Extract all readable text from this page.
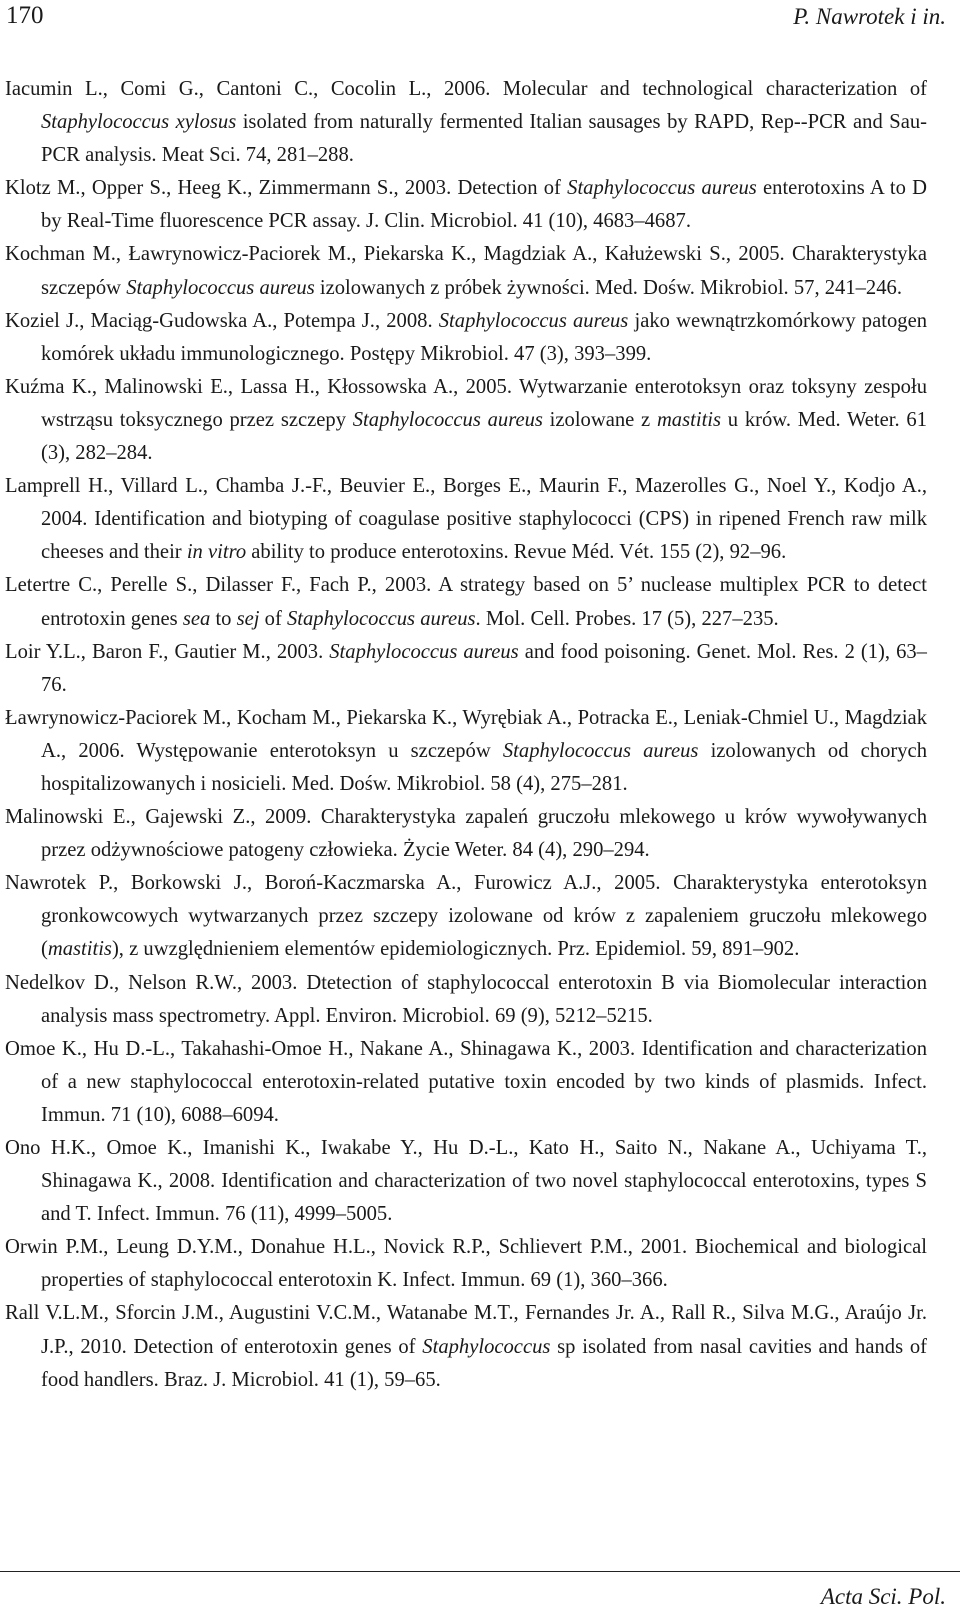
170	P. Nawrotek i in.
Iacumin L., Comi G., Cantoni C., Cocolin L., 2006. Molecular and technological characterization of Staphylococcus xylosus isolated from naturally fermented Italian sausages by RAPD, Rep--PCR and Sau-PCR analysis. Meat Sci. 74, 281–288.
Klotz M., Opper S., Heeg K., Zimmermann S., 2003. Detection of Staphylococcus aureus enterotoxins A to D by Real-Time fluorescence PCR assay. J. Clin. Microbiol. 41 (10), 4683–4687.
Kochman M., Ławrynowicz-Paciorek M., Piekarska K., Magdziak A., Kałużewski S., 2005. Charakterystyka szczepów Staphylococcus aureus izolowanych z próbek żywności. Med. Dośw. Mikrobiol. 57, 241–246.
Koziel J., Maciąg-Gudowska A., Potempa J., 2008. Staphylococcus aureus jako wewnątrzkomórkowy patogen komórek układu immunologicznego. Postępy Mikrobiol. 47 (3), 393–399.
Kuźma K., Malinowski E., Lassa H., Kłossowska A., 2005. Wytwarzanie enterotoksyn oraz toksyny zespołu wstrząsu toksycznego przez szczepy Staphylococcus aureus izolowane z mastitis u krów. Med. Weter. 61 (3), 282–284.
Lamprell H., Villard L., Chamba J.-F., Beuvier E., Borges E., Maurin F., Mazerolles G., Noel Y., Kodjo A., 2004. Identification and biotyping of coagulase positive staphylococci (CPS) in ripened French raw milk cheeses and their in vitro ability to produce enterotoxins. Revue Méd. Vét. 155 (2), 92–96.
Letertre C., Perelle S., Dilasser F., Fach P., 2003. A strategy based on 5’ nuclease multiplex PCR to detect entrotoxin genes sea to sej of Staphylococcus aureus. Mol. Cell. Probes. 17 (5), 227–235.
Loir Y.L., Baron F., Gautier M., 2003. Staphylococcus aureus and food poisoning. Genet. Mol. Res. 2 (1), 63–76.
Ławrynowicz-Paciorek M., Kocham M., Piekarska K., Wyrębiak A., Potracka E., Leniak-Chmiel U., Magdziak A., 2006. Występowanie enterotoksyn u szczepów Staphylococcus aureus izolowanych od chorych hospitalizowanych i nosicieli. Med. Dośw. Mikrobiol. 58 (4), 275–281.
Malinowski E., Gajewski Z., 2009. Charakterystyka zapaleń gruczołu mlekowego u krów wywoływanych przez odżywnościowe patogeny człowieka. Życie Weter. 84 (4), 290–294.
Nawrotek P., Borkowski J., Boroń-Kaczmarska A., Furowicz A.J., 2005. Charakterystyka enterotoksyn gronkowcowych wytwarzanych przez szczepy izolowane od krów z zapaleniem gruczołu mlekowego (mastitis), z uwzględnieniem elementów epidemiologicznych. Prz. Epidemiol. 59, 891–902.
Nedelkov D., Nelson R.W., 2003. Dtetection of staphylococcal enterotoxin B via Biomolecular interaction analysis mass spectrometry. Appl. Environ. Microbiol. 69 (9), 5212–5215.
Omoe K., Hu D.-L., Takahashi-Omoe H., Nakane A., Shinagawa K., 2003. Identification and characterization of a new staphylococcal enterotoxin-related putative toxin encoded by two kinds of plasmids. Infect. Immun. 71 (10), 6088–6094.
Ono H.K., Omoe K., Imanishi K., Iwakabe Y., Hu D.-L., Kato H., Saito N., Nakane A., Uchiyama T., Shinagawa K., 2008. Identification and characterization of two novel staphylococcal enterotoxins, types S and T. Infect. Immun. 76 (11), 4999–5005.
Orwin P.M., Leung D.Y.M., Donahue H.L., Novick R.P., Schlievert P.M., 2001. Biochemical and biological properties of staphylococcal enterotoxin K. Infect. Immun. 69 (1), 360–366.
Rall V.L.M., Sforcin J.M., Augustini V.C.M., Watanabe M.T., Fernandes Jr. A., Rall R., Silva M.G., Araújo Jr. J.P., 2010. Detection of enterotoxin genes of Staphylococcus sp isolated from nasal cavities and hands of food handlers. Braz. J. Microbiol. 41 (1), 59–65.
Acta Sci. Pol.
